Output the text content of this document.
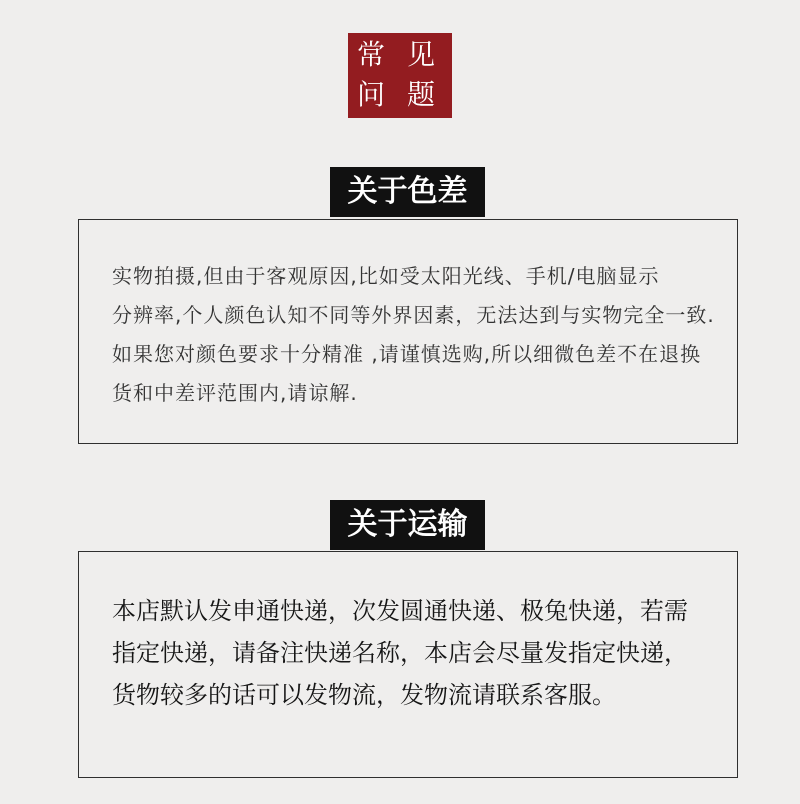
常 见
问 题
关于色差
实物拍摄,但由于客观原因,比如受太阳光线、手机/电脑显示
分辨率,个人颜色认知不同等外界因素，无法达到与实物完全一致.
如果您对颜色要求十分精准 ,请谨慎选购,所以细微色差不在退换
货和中差评范围内,请谅解.
关于运输
本店默认发申通快递，次发圆通快递、极兔快递，若需
指定快递，请备注快递名称，本店会尽量发指定快递，
货物较多的话可以发物流，发物流请联系客服。
